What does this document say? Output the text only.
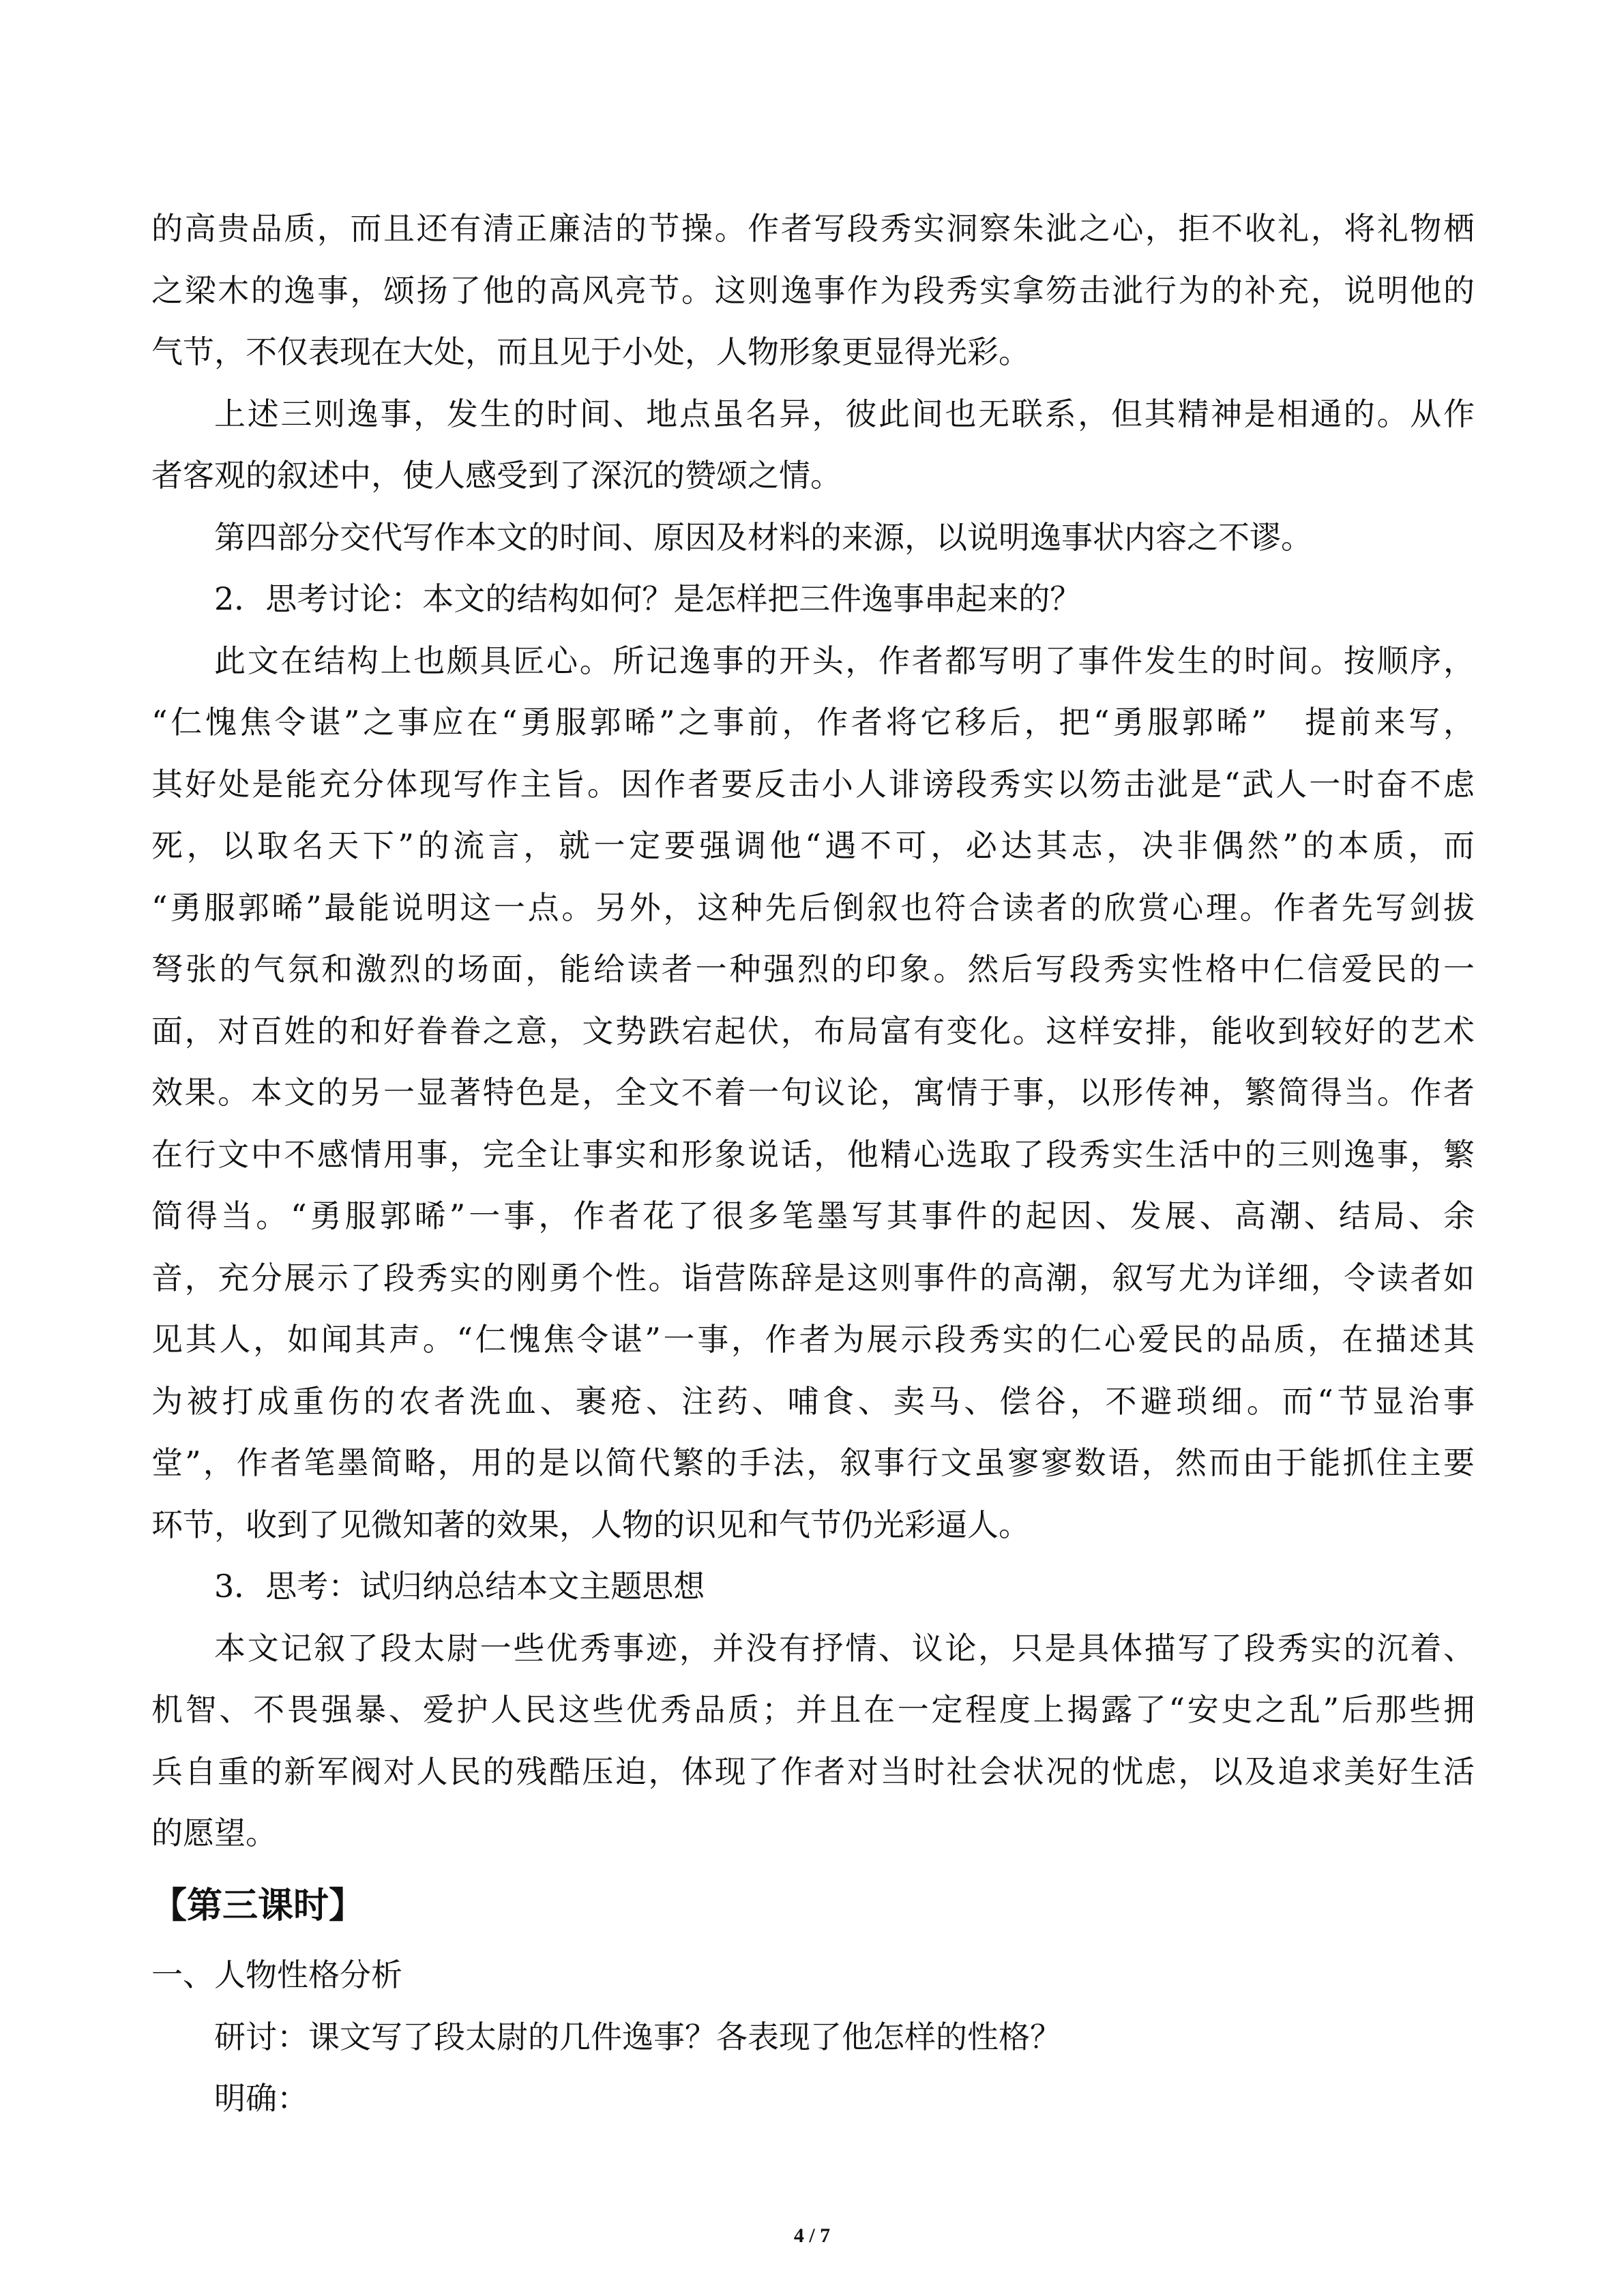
的高贵品质，而且还有清正廉洁的节操。作者写段秀实洞察朱泚之心，拒不收礼，将礼物栖
之梁木的逸事，颂扬了他的高风亮节。这则逸事作为段秀实拿笏击泚行为的补充，说明他的
气节，不仅表现在大处，而且见于小处，人物形象更显得光彩。
上述三则逸事，发生的时间、地点虽名异，彼此间也无联系，但其精神是相通的。从作
者客观的叙述中，使人感受到了深沉的赞颂之情。
第四部分交代写作本文的时间、原因及材料的来源，以说明逸事状内容之不谬。
2．思考讨论：本文的结构如何？是怎样把三件逸事串起来的？
此文在结构上也颇具匠心。所记逸事的开头，作者都写明了事件发生的时间。按顺序，
“仁愧焦令谌”之事应在“勇服郭晞”之事前，作者将它移后，把“勇服郭晞”　提前来写，
其好处是能充分体现写作主旨。因作者要反击小人诽谤段秀实以笏击泚是“武人一时奋不虑
死，以取名天下”的流言，就一定要强调他“遇不可，必达其志，决非偶然”的本质，而
“勇服郭晞”最能说明这一点。另外，这种先后倒叙也符合读者的欣赏心理。作者先写剑拔
弩张的气氛和激烈的场面，能给读者一种强烈的印象。然后写段秀实性格中仁信爱民的一
面，对百姓的和好眷眷之意，文势跌宕起伏，布局富有变化。这样安排，能收到较好的艺术
效果。本文的另一显著特色是，全文不着一句议论，寓情于事，以形传神，繁简得当。作者
在行文中不感情用事，完全让事实和形象说话，他精心选取了段秀实生活中的三则逸事，繁
简得当。“勇服郭晞”一事，作者花了很多笔墨写其事件的起因、发展、高潮、结局、余
音，充分展示了段秀实的刚勇个性。诣营陈辞是这则事件的高潮，叙写尤为详细，令读者如
见其人，如闻其声。“仁愧焦令谌”一事，作者为展示段秀实的仁心爱民的品质，在描述其
为被打成重伤的农者洗血、裹疮、注药、哺食、卖马、偿谷，不避琐细。而“节显治事
堂”，作者笔墨简略，用的是以简代繁的手法，叙事行文虽寥寥数语，然而由于能抓住主要
环节，收到了见微知著的效果，人物的识见和气节仍光彩逼人。
3．思考：试归纳总结本文主题思想
本文记叙了段太尉一些优秀事迹，并没有抒情、议论，只是具体描写了段秀实的沉着、
机智、不畏强暴、爱护人民这些优秀品质；并且在一定程度上揭露了“安史之乱”后那些拥
兵自重的新军阀对人民的残酷压迫，体现了作者对当时社会状况的忧虑，以及追求美好生活
的愿望。
【第三课时】
一、人物性格分析
研讨：课文写了段太尉的几件逸事？各表现了他怎样的性格？
明确：
4 / 7
